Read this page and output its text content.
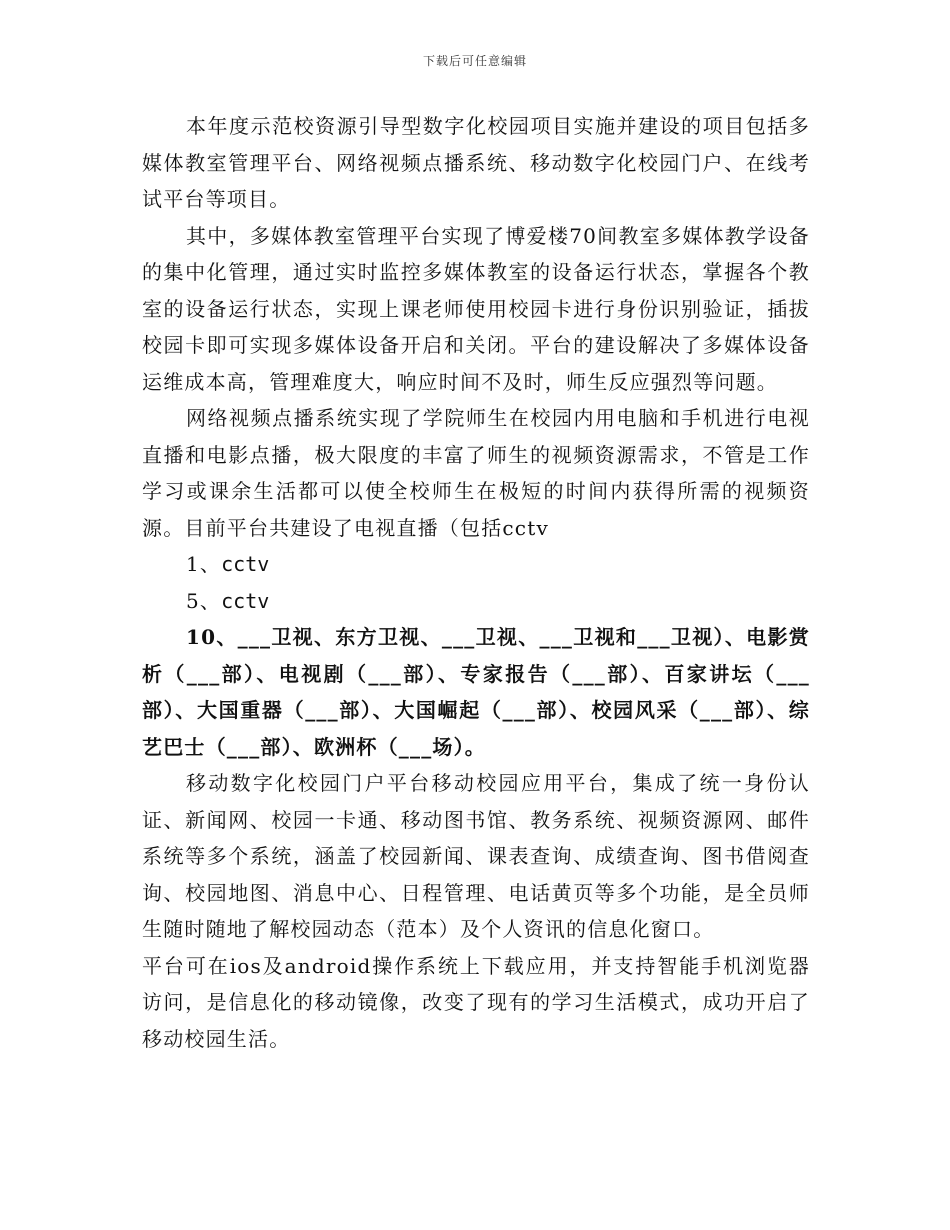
下载后可任意编辑

本年度示范校资源引导型数字化校园项目实施并建设的项目包括多媒体教室管理平台、网络视频点播系统、移动数字化校园门户、在线考试平台等项目。

其中，多媒体教室管理平台实现了博爱楼70间教室多媒体教学设备的集中化管理，通过实时监控多媒体教室的设备运行状态，掌握各个教室的设备运行状态，实现上课老师使用校园卡进行身份识别验证，插拔校园卡即可实现多媒体设备开启和关闭。平台的建设解决了多媒体设备运维成本高，管理难度大，响应时间不及时，师生反应强烈等问题。

网络视频点播系统实现了学院师生在校园内用电脑和手机进行电视直播和电影点播，极大限度的丰富了师生的视频资源需求，不管是工作学习或课余生活都可以使全校师生在极短的时间内获得所需的视频资源。目前平台共建设了电视直播（包括cctv

1、cctv

5、cctv

10、___卫视、东方卫视、___卫视、___卫视和___卫视）、电影赏析（___部）、电视剧（___部）、专家报告（___部）、百家讲坛（___部）、大国重器（___部）、大国崛起（___部）、校园风采（___部）、综艺巴士（___部）、欧洲杯（___场）。

移动数字化校园门户平台移动校园应用平台，集成了统一身份认证、新闻网、校园一卡通、移动图书馆、教务系统、视频资源网、邮件系统等多个系统，涵盖了校园新闻、课表查询、成绩查询、图书借阅查询、校园地图、消息中心、日程管理、电话黄页等多个功能，是全员师生随时随地了解校园动态（范本）及个人资讯的信息化窗口。

平台可在ios及android操作系统上下载应用，并支持智能手机浏览器访问，是信息化的移动镜像，改变了现有的学习生活模式，成功开启了移动校园生活。
